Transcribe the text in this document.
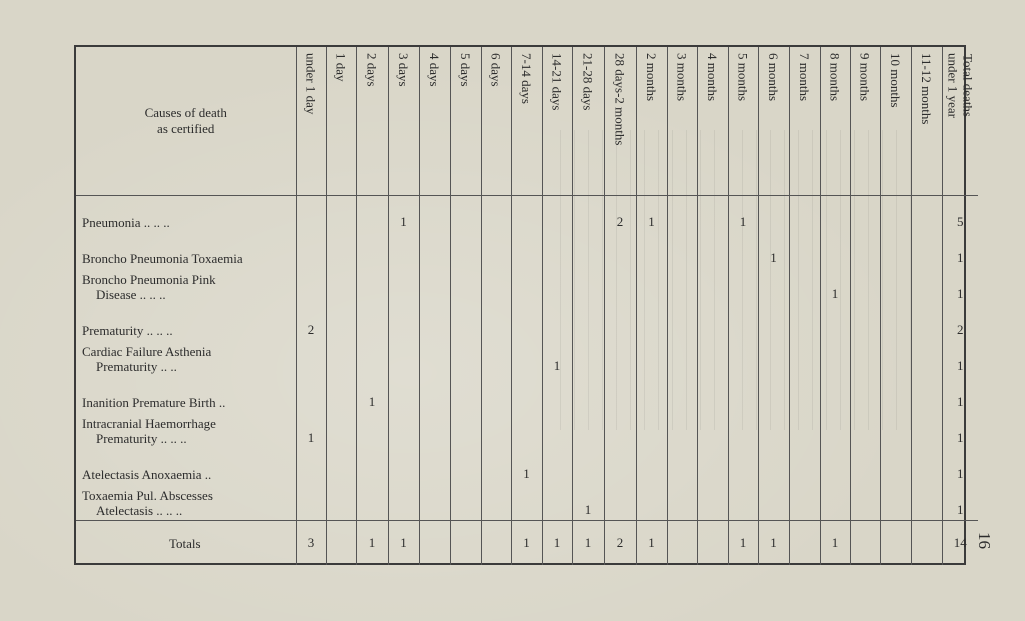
Causes of death
as certified	under 1 day	1 day	2 days	3 days	4 days	5 days	6 days	7-14 days	14-21 days	21-28 days	28 days-2 months	2 months	3 months	4 months	5 months	6 months	7 months	8 months	9 months	10 months	11-12 months	Total deaths
under 1 year

Pneumonia .. .. ..				1							2	1			1							5

Broncho Pneumonia Toxaemia																1						1

Broncho Pneumonia Pink
Disease .. .. ..																		1				1

Prematurity .. .. ..	2																					2

Cardiac Failure Asthenia
Prematurity .. ..									1													1

Inanition Premature Birth ..			1																			1

Intracranial Haemorrhage
Prematurity .. .. ..	1																					1

Atelectasis Anoxaemia ..								1														1

Toxaemia Pul. Abscesses
Atelectasis .. .. ..										1												1
Totals	3		1	1				1	1	1	2	1			1	1		1				14 16
